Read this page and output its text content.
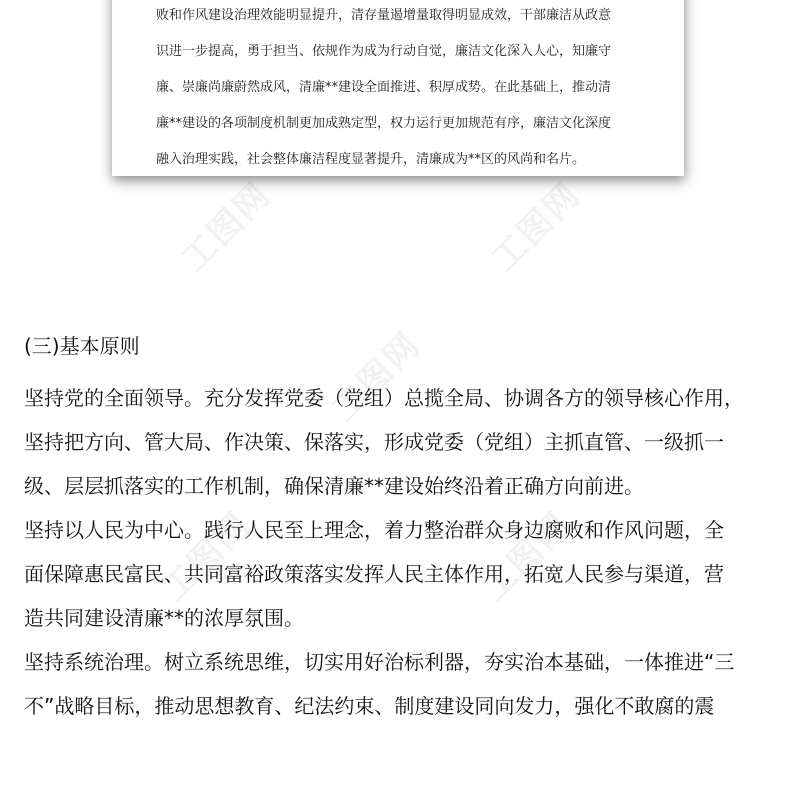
工图网	工图网
工图网
工图网	工图网
败和作风建设治理效能明显提升，清存量遏增量取得明显成效，干部廉洁从政意
识进一步提高，勇于担当、依规作为成为行动自觉，廉洁文化深入人心，知廉守
廉、崇廉尚廉蔚然成风，清廉**建设全面推进、积厚成势。在此基础上，推动清
廉**建设的各项制度机制更加成熟定型，权力运行更加规范有序，廉洁文化深度
融入治理实践，社会整体廉洁程度显著提升，清廉成为**区的风尚和名片。
(三)基本原则
坚持党的全面领导。充分发挥党委（党组）总揽全局、协调各方的领导核心作用，
坚持把方向、管大局、作决策、保落实，形成党委（党组）主抓直管、一级抓一
级、层层抓落实的工作机制，确保清廉**建设始终沿着正确方向前进。
坚持以人民为中心。践行人民至上理念，着力整治群众身边腐败和作风问题，全
面保障惠民富民、共同富裕政策落实发挥人民主体作用，拓宽人民参与渠道，营
造共同建设清廉**的浓厚氛围。
坚持系统治理。树立系统思维，切实用好治标利器，夯实治本基础，一体推进“三
不”战略目标，推动思想教育、纪法约束、制度建设同向发力，强化不敢腐的震
